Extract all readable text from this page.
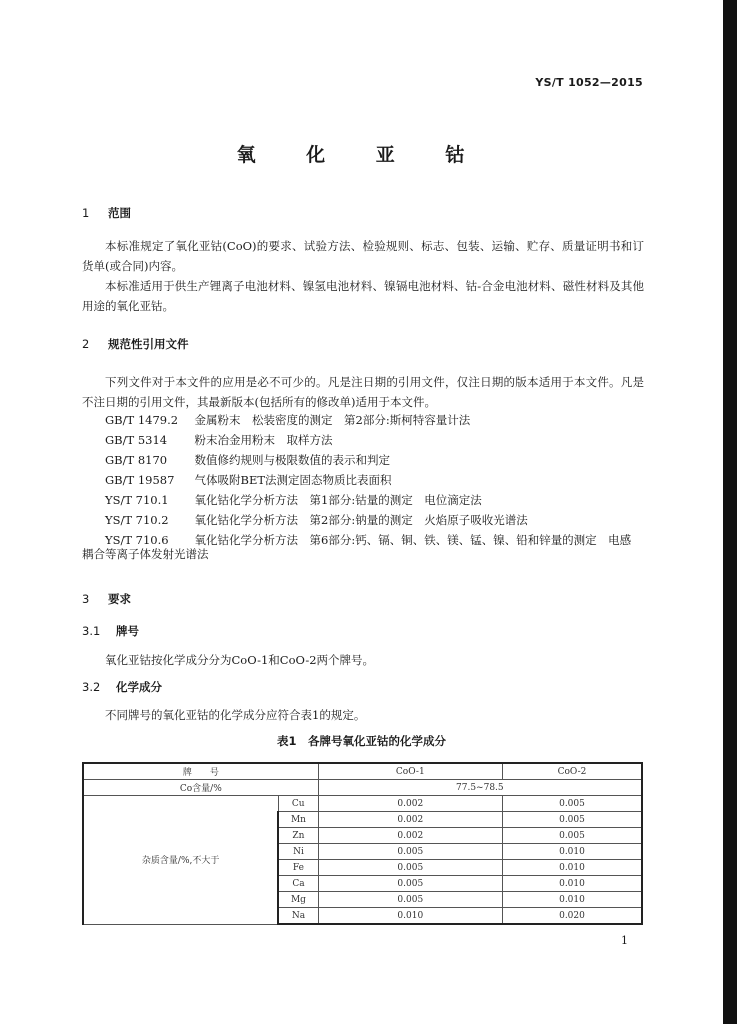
YS/T 1052—2015
氧 化 亚 钴
1 范围
本标准规定了氧化亚钴(CoO)的要求、试验方法、检验规则、标志、包装、运输、贮存、质量证明书和订货单(或合同)内容。
本标准适用于供生产锂离子电池材料、镍氢电池材料、镍镉电池材料、钴-合金电池材料、磁性材料及其他用途的氧化亚钴。
2 规范性引用文件
下列文件对于本文件的应用是必不可少的。凡是注日期的引用文件，仅注日期的版本适用于本文件。凡是不注日期的引用文件，其最新版本(包括所有的修改单)适用于本文件。
GB/T 1479.2　 金属粉末　松装密度的测定　第2部分:斯柯特容量计法
GB/T 5314　 粉末冶金用粉末　取样方法
GB/T 8170　 数值修约规则与极限数值的表示和判定
GB/T 19587　 气体吸附BET法测定固态物质比表面积
YS/T 710.1　 氧化钴化学分析方法　第1部分:钴量的测定　电位滴定法
YS/T 710.2　 氧化钴化学分析方法　第2部分:钠量的测定　火焰原子吸收光谱法
YS/T 710.6　 氧化钴化学分析方法　第6部分:钙、镉、铜、铁、镁、锰、镍、铅和锌量的测定　电感
耦合等离子体发射光谱法
3 要求
3.1 牌号
氧化亚钴按化学成分分为CoO-1和CoO-2两个牌号。
3.2 化学成分
不同牌号的氧化亚钴的化学成分应符合表1的规定。
表1　各牌号氧化亚钴的化学成分
牌　　号		CoO-1	CoO-2
Co含量/%		77.5~78.5	
杂质含量/%,不大于	Cu	0.002	0.005
	Mn	0.002	0.005
	Zn	0.002	0.005
	Ni	0.005	0.010
	Fe	0.005	0.010
	Ca	0.005	0.010
	Mg	0.005	0.010
	Na	0.010	0.020
1
